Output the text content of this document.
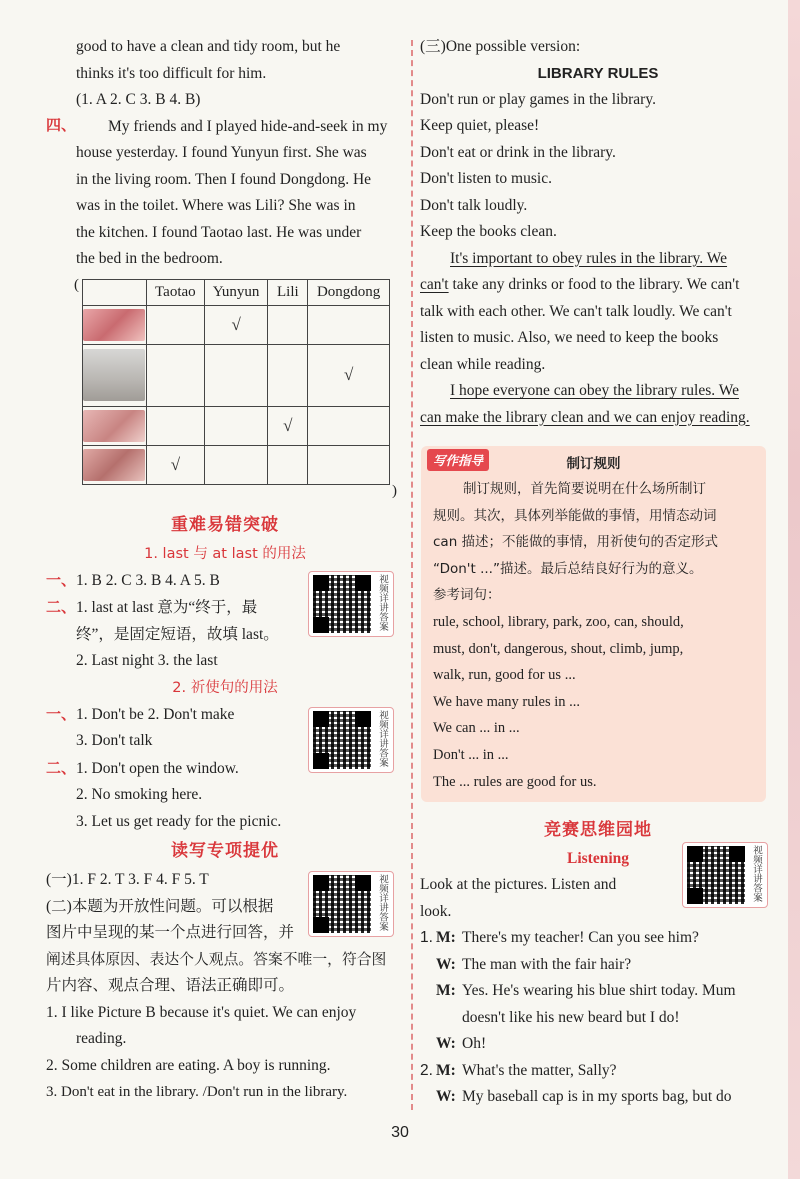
good to have a clean and tidy room, but he

thinks it's too difficult for him.

(1. A 2. C 3. B 4. B)

四、	My friends and I played hide-and-seek in my

house yesterday. I found Yunyun first. She was

in the living room. Then I found Dongdong. He

was in the toilet. Where was Lili? She was in

the kitchen. I found Taotao last. He was under

the bed in the bedroom.

(
)
	Taotao	Yunyun	Lili	Dongdong

		√		

				√

			√	

	√			
重难易错突破
1. last 与 at last 的用法

一、1. B 2. C 3. B 4. A 5. B

二、1. last at last 意为“终于，最

终”，是固定短语，故填 last。

2. Last night 3. the last

视频详讲答案
2. 祈使句的用法

一、1. Don't be 2. Don't make

3. Don't talk

二、1. Don't open the window.

2. No smoking here.

3. Let us get ready for the picnic.

视频详讲答案
读写专项提优

(一)1. F 2. T 3. F 4. F 5. T

(二)本题为开放性问题。可以根据

图片中呈现的某一个点进行回答，并

阐述具体原因、表达个人观点。答案不唯一，符合图

片内容、观点合理、语法正确即可。

1. I like Picture B because it's quiet. We can enjoy

reading.

2. Some children are eating. A boy is running.

3. Don't eat in the library. /Don't run in the library.

视频详讲答案

(三)One possible version:

LIBRARY RULES

Don't run or play games in the library.

Keep quiet, please!

Don't eat or drink in the library.

Don't listen to music.

Don't talk loudly.

Keep the books clean.

It's important to obey rules in the library. We

can't take any drinks or food to the library. We can't

talk with each other. We can't talk loudly. We can't

listen to music. Also, we need to keep the books

clean while reading.

I hope everyone can obey the library rules. We

can make the library clean and we can enjoy reading.

写作指导	制订规则

制订规则，首先简要说明在什么场所制订

规则。其次，具体列举能做的事情，用情态动词

can 描述；不能做的事情，用祈使句的否定形式

“Don't ...”描述。最后总结良好行为的意义。

参考词句：

rule, school, library, park, zoo, can, should,

must, don't, dangerous, shout, climb, jump,

walk, run, good for us ...

We have many rules in ...

We can ... in ...

Don't ... in ...

The ... rules are good for us.

竞赛思维园地
Listening

Look at the pictures. Listen and

look.

视频详讲答案

1. M: There's my teacher! Can you see him?

W: The man with the fair hair?

M: Yes. He's wearing his blue shirt today. Mum

doesn't like his new beard but I do!

W: Oh!

2. M: What's the matter, Sally?

W: My baseball cap is in my sports bag, but do

30
